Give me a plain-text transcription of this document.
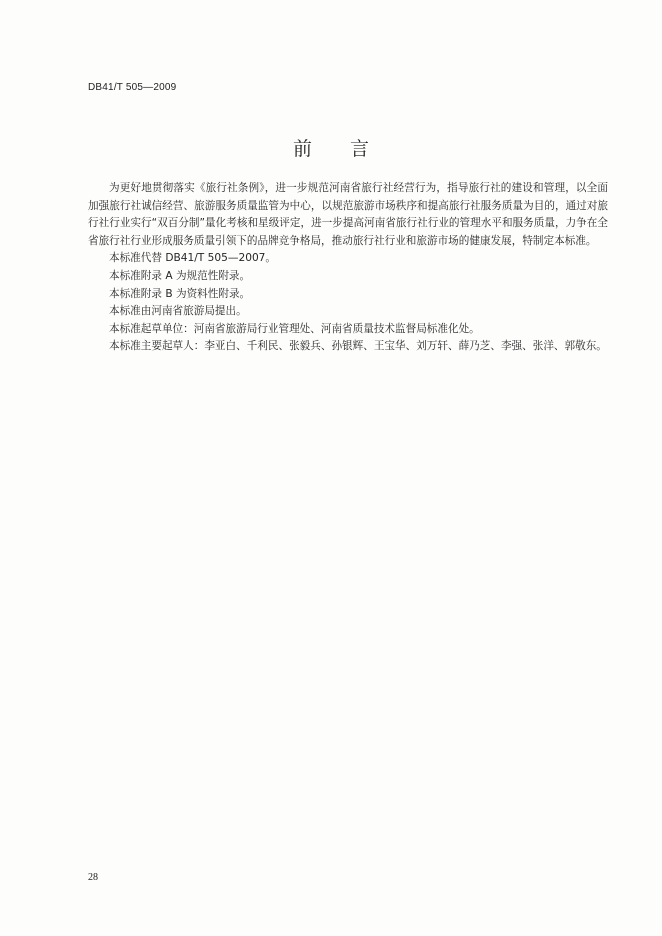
DB41/T 505—2009
前言

为更好地贯彻落实《旅行社条例》，进一步规范河南省旅行社经营行为，指导旅行社的建设和管理，以全面加强旅行社诚信经营、旅游服务质量监管为中心，以规范旅游市场秩序和提高旅行社服务质量为目的，通过对旅行社行业实行“双百分制”量化考核和星级评定，进一步提高河南省旅行社行业的管理水平和服务质量，力争在全省旅行社行业形成服务质量引领下的品牌竞争格局，推动旅行社行业和旅游市场的健康发展，特制定本标准。

本标准代替 DB41/T 505—2007。

本标准附录 A 为规范性附录。

本标准附录 B 为资料性附录。

本标准由河南省旅游局提出。

本标准起草单位：河南省旅游局行业管理处、河南省质量技术监督局标准化处。

本标准主要起草人：李亚白、千利民、张毅兵、孙银辉、王宝华、刘万轩、薛乃芝、李强、张洋、郭敬东。

28
